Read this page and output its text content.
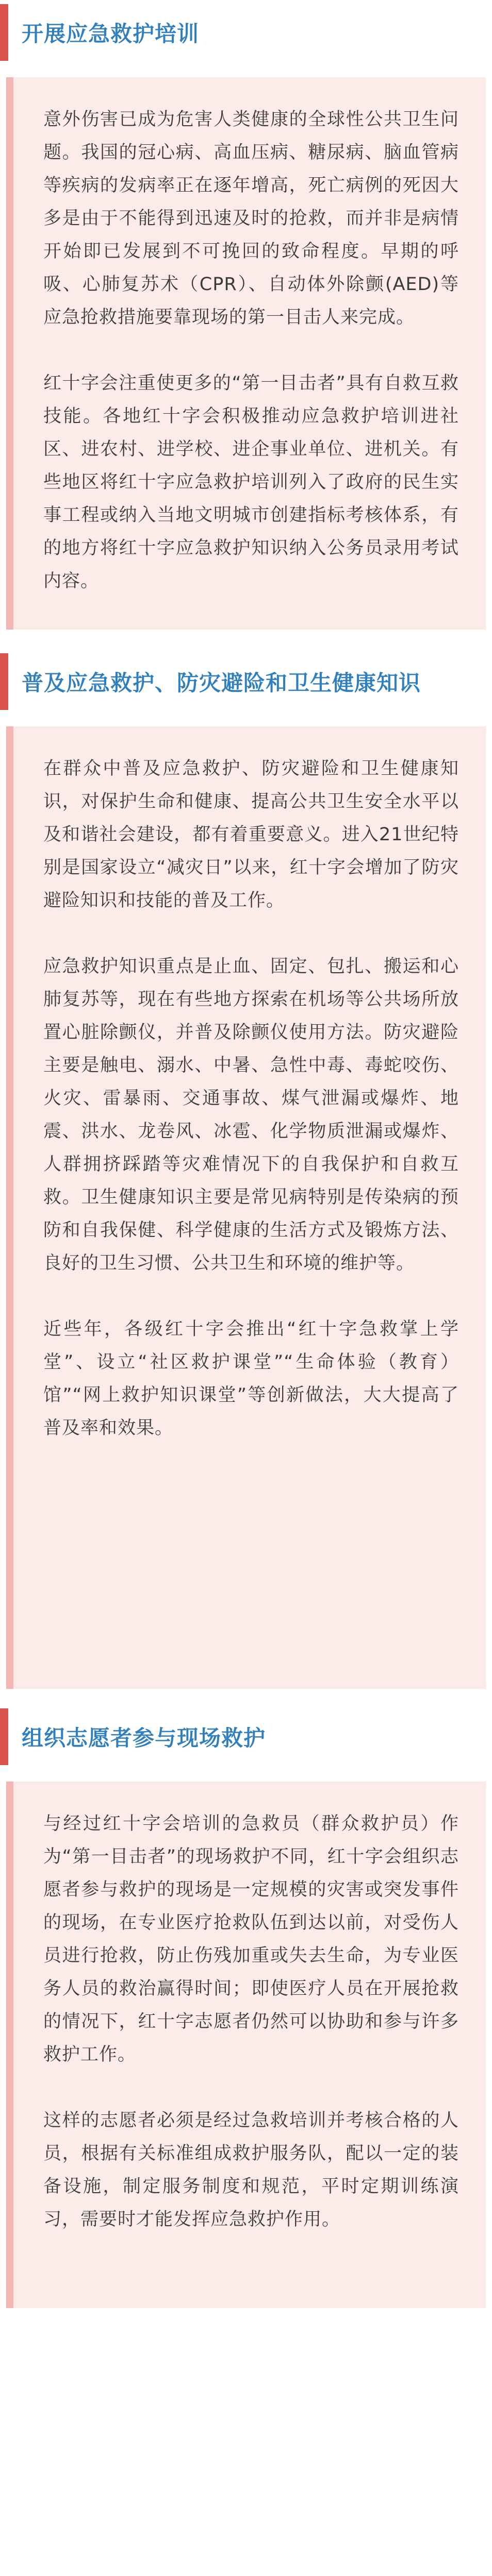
开展应急救护培训

意外伤害已成为危害人类健康的全球性公共卫生问题。我国的冠心病、高血压病、糖尿病、脑血管病等疾病的发病率正在逐年增高，死亡病例的死因大多是由于不能得到迅速及时的抢救，而并非是病情开始即已发展到不可挽回的致命程度。早期的呼吸、心肺复苏术（CPR）、自动体外除颤(AED)等应急抢救措施要靠现场的第一目击人来完成。

红十字会注重使更多的“第一目击者”具有自救互救技能。各地红十字会积极推动应急救护培训进社区、进农村、进学校、进企事业单位、进机关。有些地区将红十字应急救护培训列入了政府的民生实事工程或纳入当地文明城市创建指标考核体系，有的地方将红十字应急救护知识纳入公务员录用考试内容。

普及应急救护、防灾避险和卫生健康知识

在群众中普及应急救护、防灾避险和卫生健康知识，对保护生命和健康、提高公共卫生安全水平以及和谐社会建设，都有着重要意义。进入21世纪特别是国家设立“减灾日”以来，红十字会增加了防灾避险知识和技能的普及工作。

应急救护知识重点是止血、固定、包扎、搬运和心肺复苏等，现在有些地方探索在机场等公共场所放置心脏除颤仪，并普及除颤仪使用方法。防灾避险主要是触电、溺水、中暑、急性中毒、毒蛇咬伤、火灾、雷暴雨、交通事故、煤气泄漏或爆炸、地震、洪水、龙卷风、冰雹、化学物质泄漏或爆炸、人群拥挤踩踏等灾难情况下的自我保护和自救互救。卫生健康知识主要是常见病特别是传染病的预防和自我保健、科学健康的生活方式及锻炼方法、良好的卫生习惯、公共卫生和环境的维护等。

近些年，各级红十字会推出“红十字急救掌上学堂”、设立“社区救护课堂”“生命体验（教育）馆”“网上救护知识课堂”等创新做法，大大提高了普及率和效果。

组织志愿者参与现场救护

与经过红十字会培训的急救员（群众救护员）作为“第一目击者”的现场救护不同，红十字会组织志愿者参与救护的现场是一定规模的灾害或突发事件的现场，在专业医疗抢救队伍到达以前，对受伤人员进行抢救，防止伤残加重或失去生命，为专业医务人员的救治赢得时间；即使医疗人员在开展抢救的情况下，红十字志愿者仍然可以协助和参与许多救护工作。

这样的志愿者必须是经过急救培训并考核合格的人员，根据有关标准组成救护服务队，配以一定的装备设施，制定服务制度和规范，平时定期训练演习，需要时才能发挥应急救护作用。
